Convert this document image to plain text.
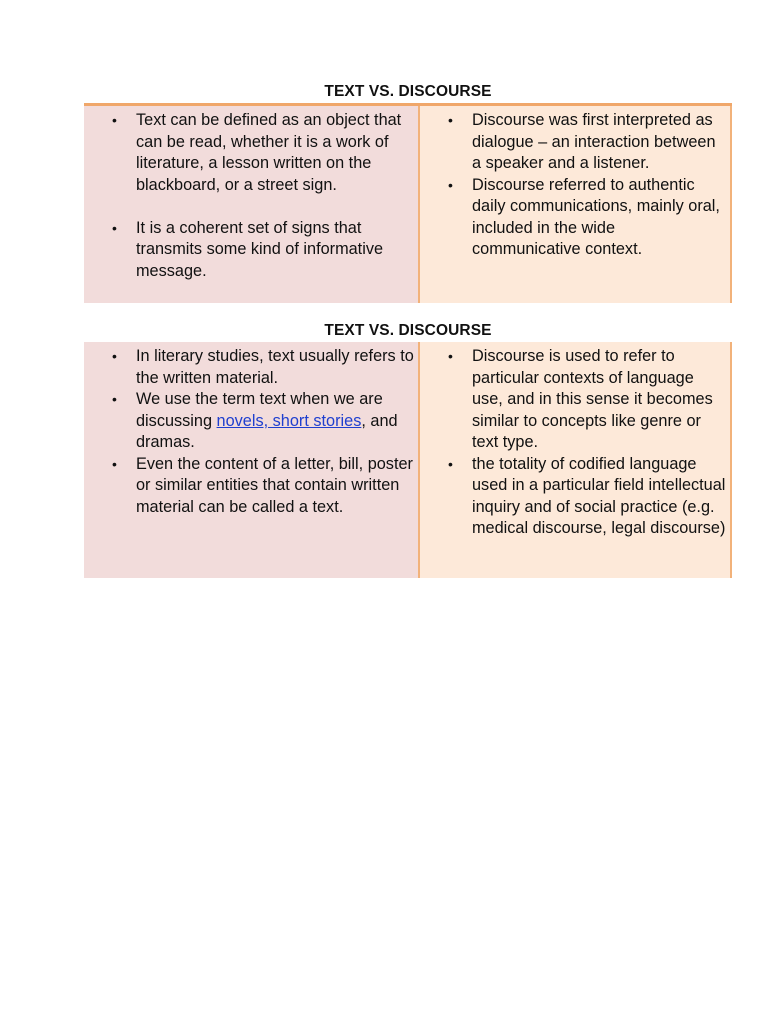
TEXT VS. DISCOURSE
• Text can be defined as an object that can be read, whether it is a work of literature, a lesson written on the blackboard, or a street sign.
• It is a coherent set of signs that transmits some kind of informative message.
• Discourse was first interpreted as dialogue – an interaction between a speaker and a listener.
• Discourse referred to authentic daily communications, mainly oral, included in the wide communicative context.
TEXT VS. DISCOURSE
• In literary studies, text usually refers to the written material.
• We use the term text when we are discussing novels, short stories, and dramas.
• Even the content of a letter, bill, poster or similar entities that contain written material can be called a text.
• Discourse is used to refer to particular contexts of language use, and in this sense it becomes similar to concepts like genre or text type.
• the totality of codified language used in a particular field intellectual inquiry and of social practice (e.g. medical discourse, legal discourse)
